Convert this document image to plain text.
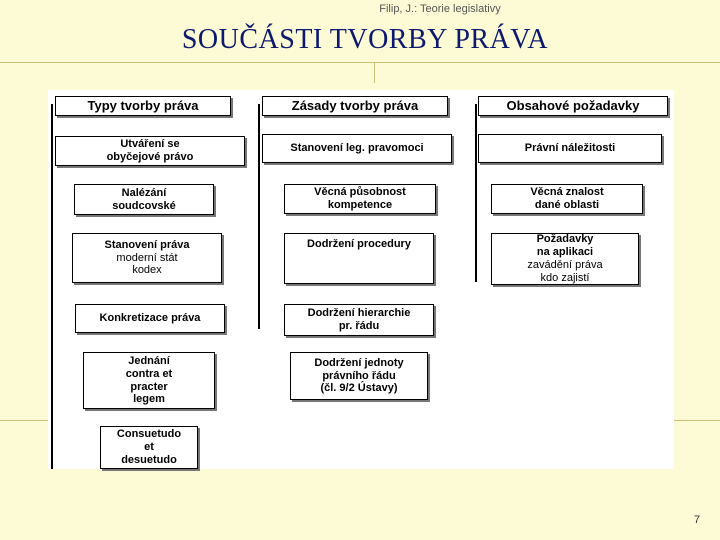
Filip, J.: Teorie legislativy
SOUČÁSTI TVORBY PRÁVA
Typy tvorby práva
Utváření se
obyčejové právo
Nalézání
soudcovské
Stanovení práva
moderní stát
kodex
Konkretizace práva
Jednání
contra et
practer
legem
Consuetudo
et
desuetudo
Zásady tvorby práva
Stanovení leg. pravomoci
Věcná působnost
kompetence
Dodržení procedury
Dodržení hierarchie
pr. řádu
Dodržení jednoty
právního řádu
(čl. 9/2 Ústavy)
Obsahové požadavky
Právní náležitosti
Věcná znalost
dané oblasti
Požadavky
na aplikaci
zavádění práva
kdo zajistí
7
